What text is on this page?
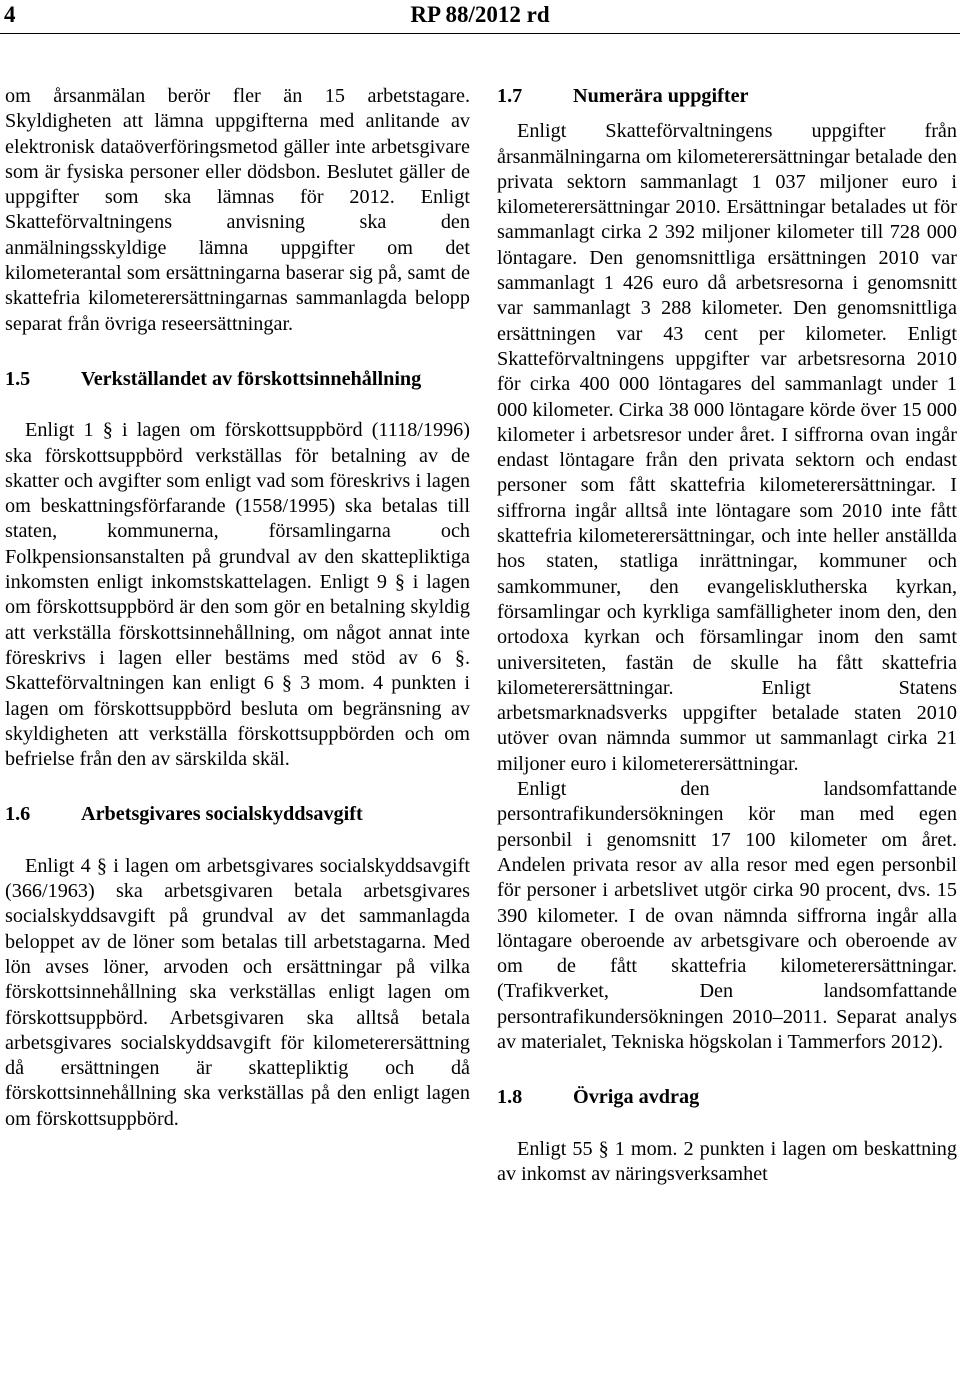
4	RP 88/2012 rd

om årsanmälan berör fler än 15 arbetstagare. Skyldigheten att lämna uppgifterna med anlitande av elektronisk dataöverföringsmetod gäller inte arbetsgivare som är fysiska personer eller dödsbon. Beslutet gäller de uppgifter som ska lämnas för 2012. Enligt Skatteförvaltningens anvisning ska den anmälningsskyldige lämna uppgifter om det kilometerantal som ersättningarna baserar sig på, samt de skattefria kilometerersättningarnas sammanlagda belopp separat från övriga reseersättningar.

1.5	Verkställandet av förskottsinnehållning

Enligt 1 § i lagen om förskottsuppbörd (1118/1996) ska förskottsuppbörd verkställas för betalning av de skatter och avgifter som enligt vad som föreskrivs i lagen om beskattningsförfarande (1558/1995) ska betalas till staten, kommunerna, församlingarna och Folkpensionsanstalten på grundval av den skattepliktiga inkomsten enligt inkomstskattelagen. Enligt 9 § i lagen om förskottsuppbörd är den som gör en betalning skyldig att verkställa förskottsinnehållning, om något annat inte föreskrivs i lagen eller bestäms med stöd av 6 §. Skatteförvaltningen kan enligt 6 § 3 mom. 4 punkten i lagen om förskottsuppbörd besluta om begränsning av skyldigheten att verkställa förskottsuppbörden och om befrielse från den av särskilda skäl.

1.6	Arbetsgivares socialskyddsavgift

Enligt 4 § i lagen om arbetsgivares socialskyddsavgift (366/1963) ska arbetsgivaren betala arbetsgivares socialskyddsavgift på grundval av det sammanlagda beloppet av de löner som betalas till arbetstagarna. Med lön avses löner, arvoden och ersättningar på vilka förskottsinnehållning ska verkställas enligt lagen om förskottsuppbörd. Arbetsgivaren ska alltså betala arbetsgivares socialskyddsavgift för kilometerersättning då ersättningen är skattepliktig och då förskottsinnehållning ska verkställas på den enligt lagen om förskottsuppbörd.

1.7	Numerära uppgifter

Enligt Skatteförvaltningens uppgifter från årsanmälningarna om kilometerersättningar betalade den privata sektorn sammanlagt 1 037 miljoner euro i kilometerersättningar 2010. Ersättningar betalades ut för sammanlagt cirka 2 392 miljoner kilometer till 728 000 löntagare. Den genomsnittliga ersättningen 2010 var sammanlagt 1 426 euro då arbetsresorna i genomsnitt var sammanlagt 3 288 kilometer. Den genomsnittliga ersättningen var 43 cent per kilometer. Enligt Skatteförvaltningens uppgifter var arbetsresorna 2010 för cirka 400 000 löntagares del sammanlagt under 1 000 kilometer. Cirka 38 000 löntagare körde över 15 000 kilometer i arbetsresor under året. I siffrorna ovan ingår endast löntagare från den privata sektorn och endast personer som fått skattefria kilometerersättningar. I siffrorna ingår alltså inte löntagare som 2010 inte fått skattefria kilometerersättningar, och inte heller anställda hos staten, statliga inrättningar, kommuner och samkommuner, den evangelisklutherska kyrkan, församlingar och kyrkliga samfälligheter inom den, den ortodoxa kyrkan och församlingar inom den samt universiteten, fastän de skulle ha fått skattefria kilometerersättningar. Enligt Statens arbetsmarknadsverks uppgifter betalade staten 2010 utöver ovan nämnda summor ut sammanlagt cirka 21 miljoner euro i kilometerersättningar.

Enligt den landsomfattande persontrafikundersökningen kör man med egen personbil i genomsnitt 17 100 kilometer om året. Andelen privata resor av alla resor med egen personbil för personer i arbetslivet utgör cirka 90 procent, dvs. 15 390 kilometer. I de ovan nämnda siffrorna ingår alla löntagare oberoende av arbetsgivare och oberoende av om de fått skattefria kilometerersättningar. (Trafikverket, Den landsomfattande persontrafikundersökningen 2010–2011. Separat analys av materialet, Tekniska högskolan i Tammerfors 2012).

1.8	Övriga avdrag

Enligt 55 § 1 mom. 2 punkten i lagen om beskattning av inkomst av näringsverksamhet
